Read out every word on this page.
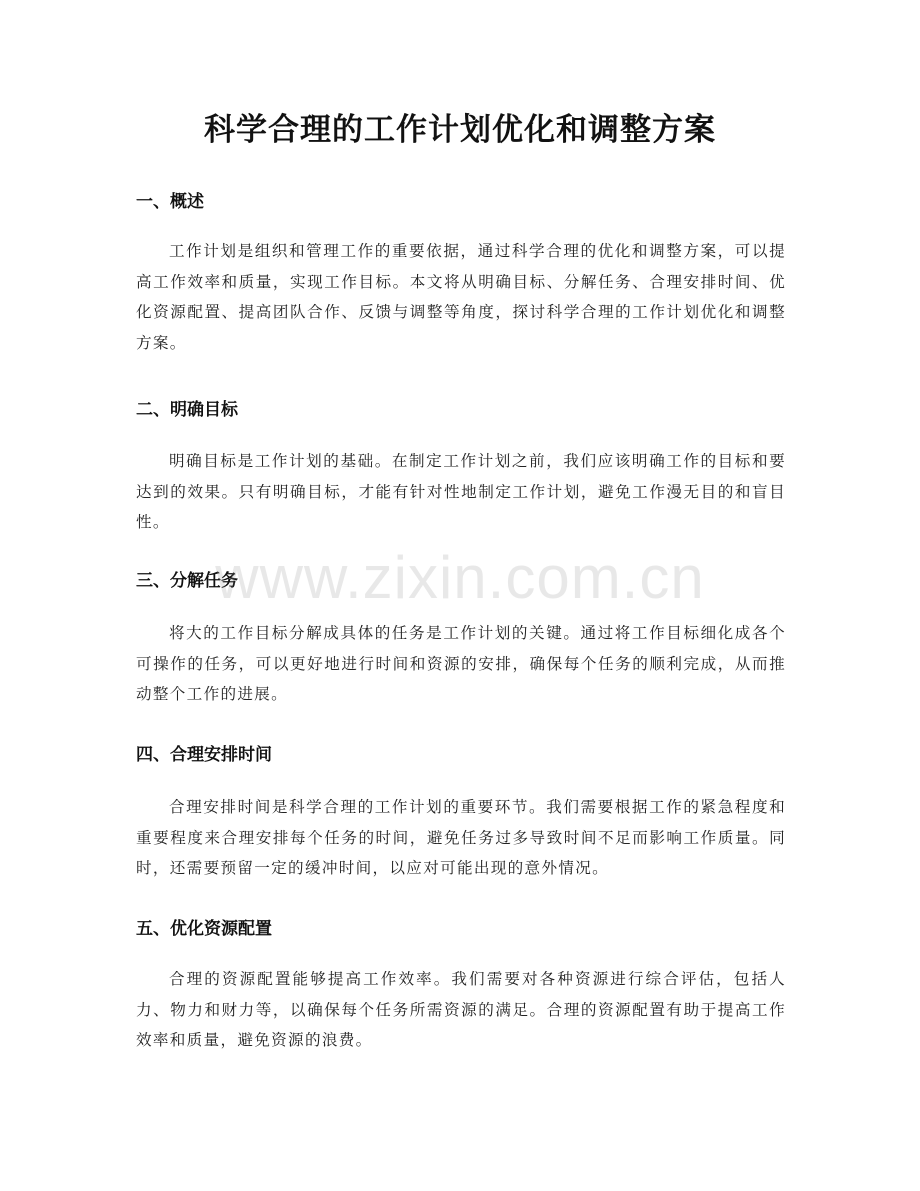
科学合理的工作计划优化和调整方案
一、概述
工作计划是组织和管理工作的重要依据，通过科学合理的优化和调整方案，可以提高工作效率和质量，实现工作目标。本文将从明确目标、分解任务、合理安排时间、优化资源配置、提高团队合作、反馈与调整等角度，探讨科学合理的工作计划优化和调整方案。
二、明确目标
明确目标是工作计划的基础。在制定工作计划之前，我们应该明确工作的目标和要达到的效果。只有明确目标，才能有针对性地制定工作计划，避免工作漫无目的和盲目性。
三、分解任务
将大的工作目标分解成具体的任务是工作计划的关键。通过将工作目标细化成各个可操作的任务，可以更好地进行时间和资源的安排，确保每个任务的顺利完成，从而推动整个工作的进展。
四、合理安排时间
合理安排时间是科学合理的工作计划的重要环节。我们需要根据工作的紧急程度和重要程度来合理安排每个任务的时间，避免任务过多导致时间不足而影响工作质量。同时，还需要预留一定的缓冲时间，以应对可能出现的意外情况。
五、优化资源配置
合理的资源配置能够提高工作效率。我们需要对各种资源进行综合评估，包括人力、物力和财力等，以确保每个任务所需资源的满足。合理的资源配置有助于提高工作效率和质量，避免资源的浪费。
www.zixin.com.cn
